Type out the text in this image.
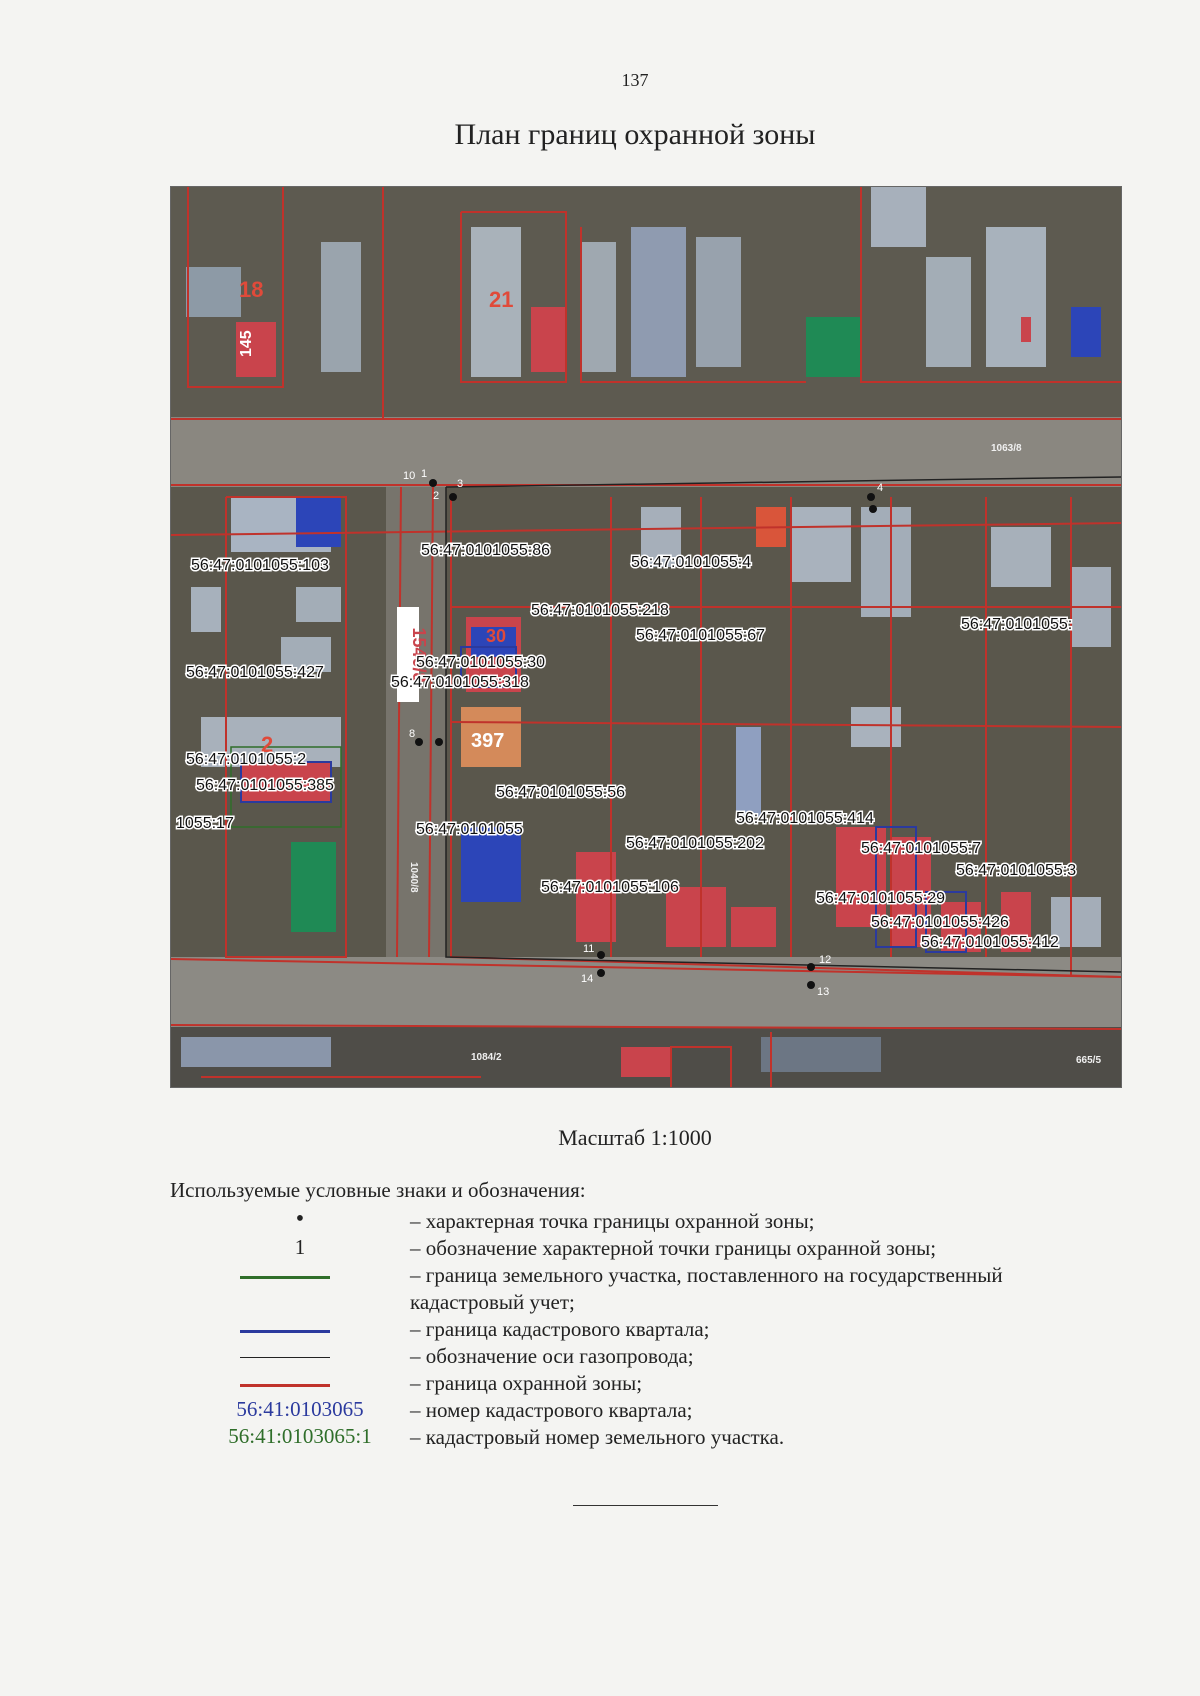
137
План границ охранной зоны
1540/8
1084/2	665/5
1063/8
1040/8
18
145
21
2
30
397
56:47:0101055:103
56:47:0101055:86
56:47:0101055:4
56:47:0101055:218
56:47:0101055:67
56:47:0101055:
56:47:0101055:427
56:47:0101055:30
56:47:0101055:318
56:47:0101055:2
56:47:0101055:385
1055:17
56:47:0101055:56
56:47:0101055
56:47:0101055:202
56:47:0101055:414
56:47:0101055:7
56:47:0101055:106
56:47:0101055:29
56:47:0101055:3
56:47:0101055:426
56:47:0101055:412
1
2
3	4
8
10
11
12
13
14
Масштаб 1:1000
Используемые условные знаки и обозначения:
•	– характерная точка границы охранной зоны;
1	– обозначение характерной точки границы охранной зоны;
– граница земельного участка, поставленного на государственный кадастровый учет;
– граница кадастрового квартала;
– обозначение оси газопровода;
– граница охранной зоны;
56:41:0103065	– номер кадастрового квартала;
56:41:0103065:1	– кадастровый номер земельного участка.
